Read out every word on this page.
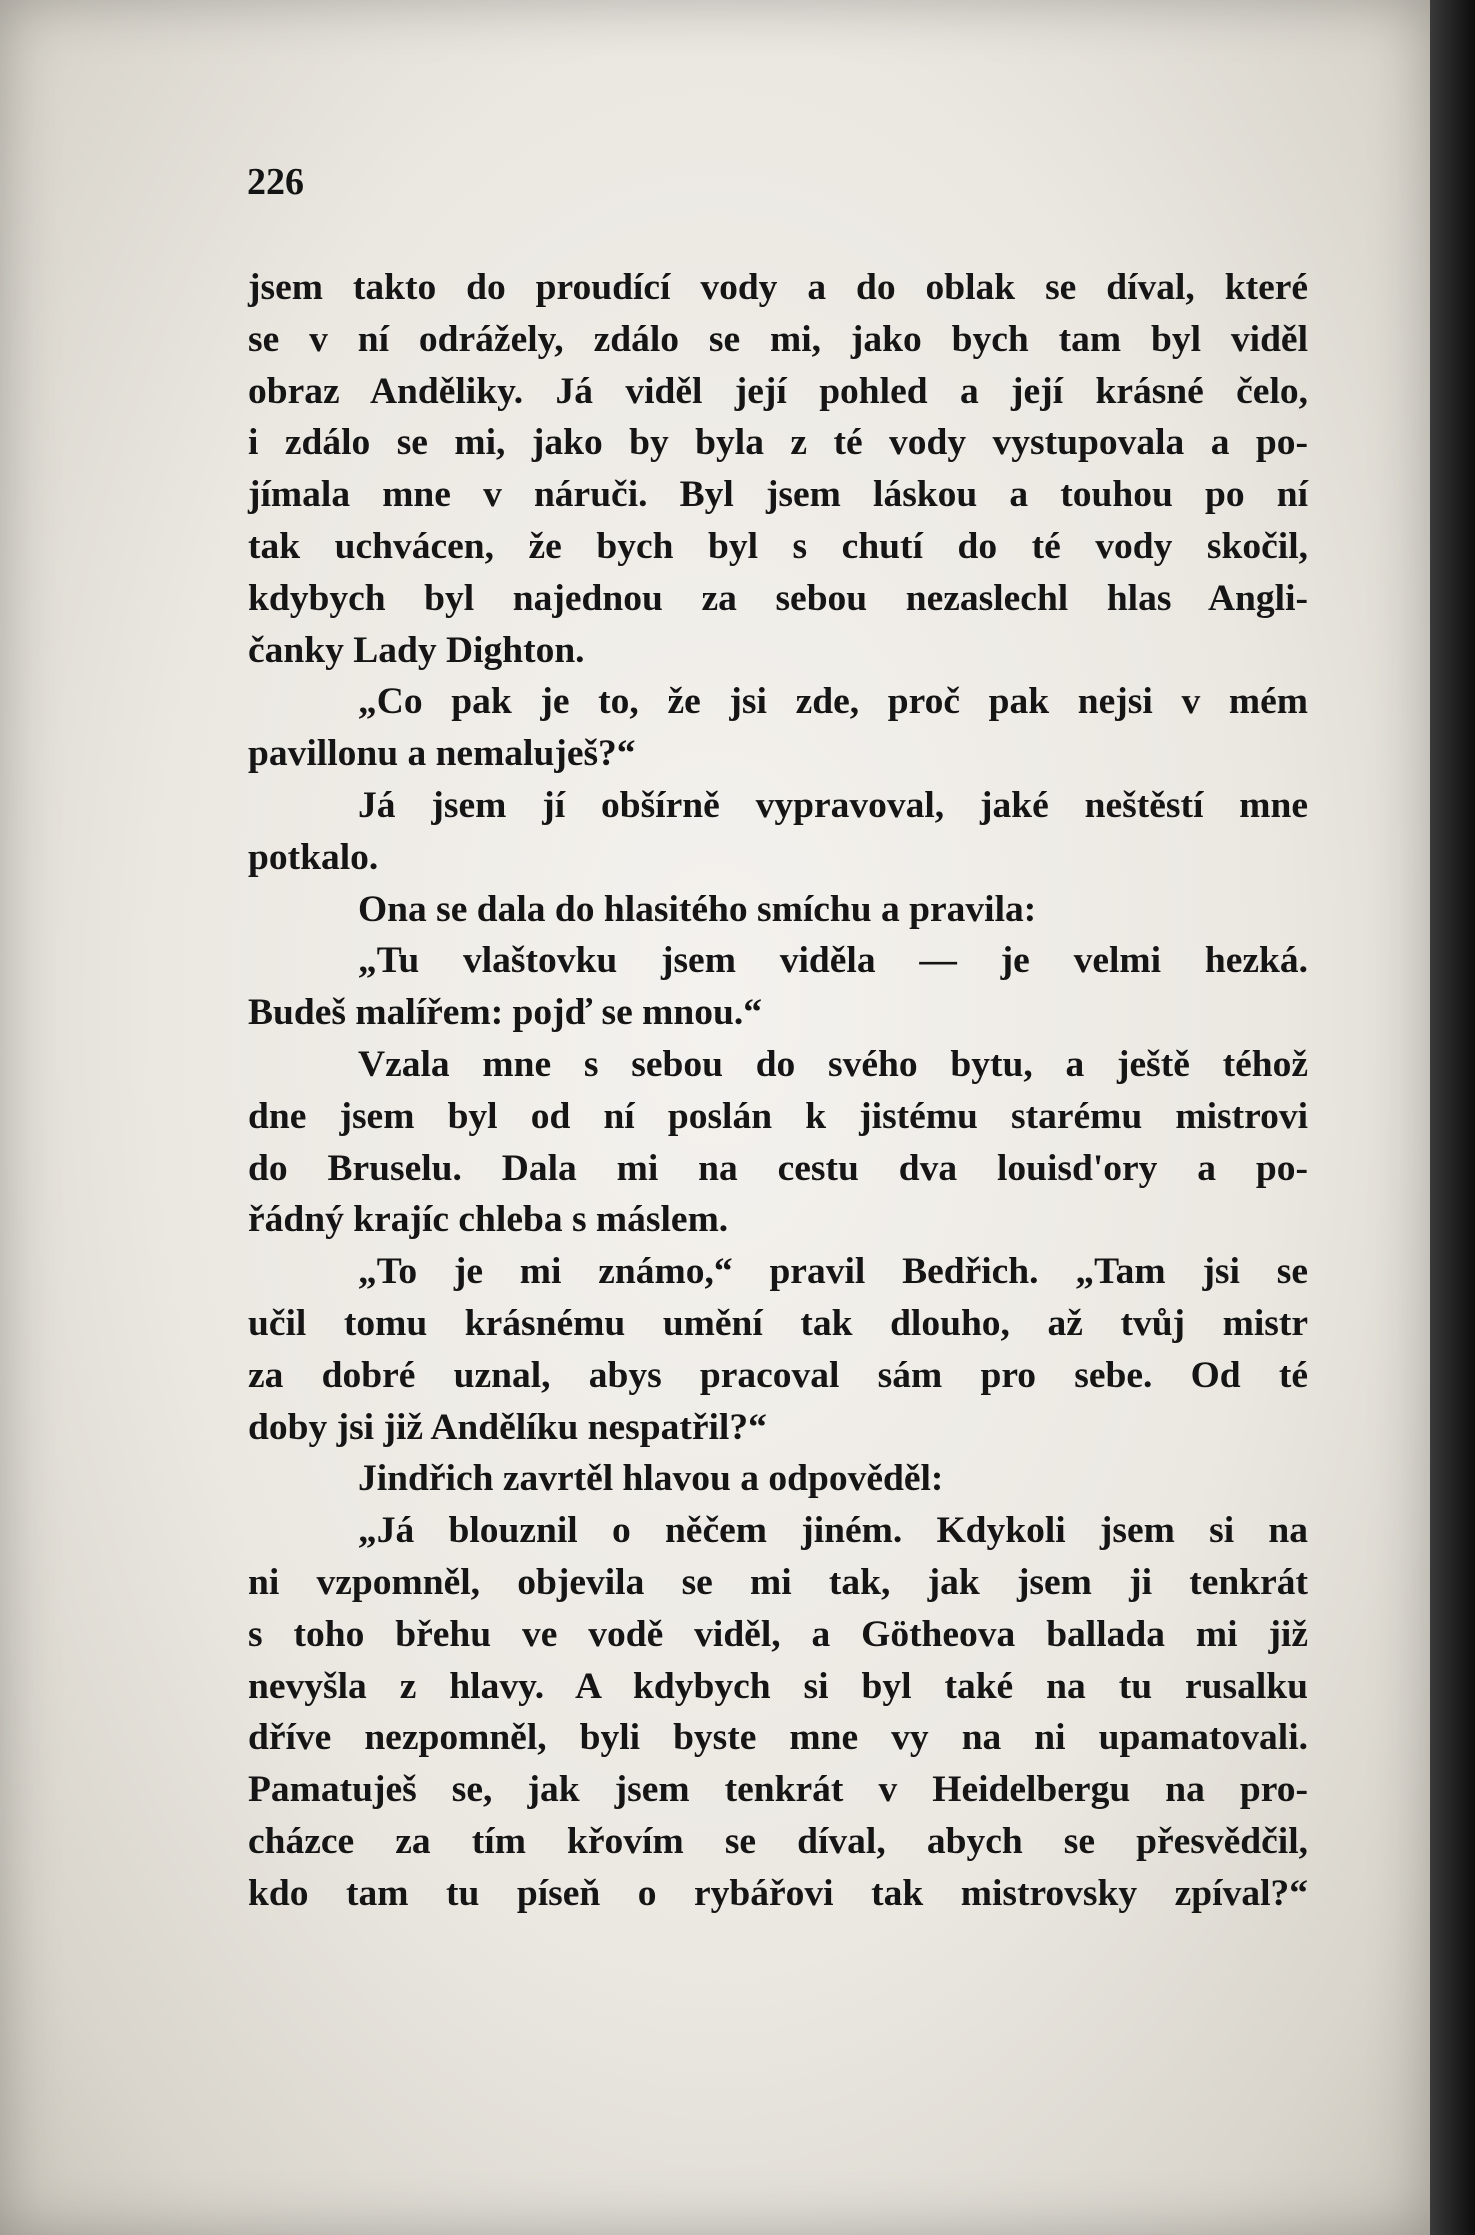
226
jsem takto do proudící vody a do oblak se díval, které
se v ní odrážely, zdálo se mi, jako bych tam byl viděl
obraz Anděliky. Já viděl její pohled a její krásné čelo,
i zdálo se mi, jako by byla z té vody vystupovala a po-
jímala mne v náruči. Byl jsem láskou a touhou po ní
tak uchvácen, že bych byl s chutí do té vody skočil,
kdybych byl najednou za sebou nezaslechl hlas Angli-
čanky Lady Dighton.
„Co pak je to, že jsi zde, proč pak nejsi v mém
pavillonu a nemaluješ?“
Já jsem jí obšírně vypravoval, jaké neštěstí mne
potkalo.
Ona se dala do hlasitého smíchu a pravila:
„Tu vlaštovku jsem viděla — je velmi hezká.
Budeš malířem: pojď se mnou.“
Vzala mne s sebou do svého bytu, a ještě téhož
dne jsem byl od ní poslán k jistému starému mistrovi
do Bruselu. Dala mi na cestu dva louisd'ory a po-
řádný krajíc chleba s máslem.
„To je mi známo,“ pravil Bedřich. „Tam jsi se
učil tomu krásnému umění tak dlouho, až tvůj mistr
za dobré uznal, abys pracoval sám pro sebe. Od té
doby jsi již Andělíku nespatřil?“
Jindřich zavrtěl hlavou a odpověděl:
„Já blouznil o něčem jiném. Kdykoli jsem si na
ni vzpomněl, objevila se mi tak, jak jsem ji tenkrát
s toho břehu ve vodě viděl, a Götheova ballada mi již
nevyšla z hlavy. A kdybych si byl také na tu rusalku
dříve nezpomněl, byli byste mne vy na ni upamatovali.
Pamatuješ se, jak jsem tenkrát v Heidelbergu na pro-
cházce za tím křovím se díval, abych se přesvědčil,
kdo tam tu píseň o rybářovi tak mistrovsky zpíval?“
